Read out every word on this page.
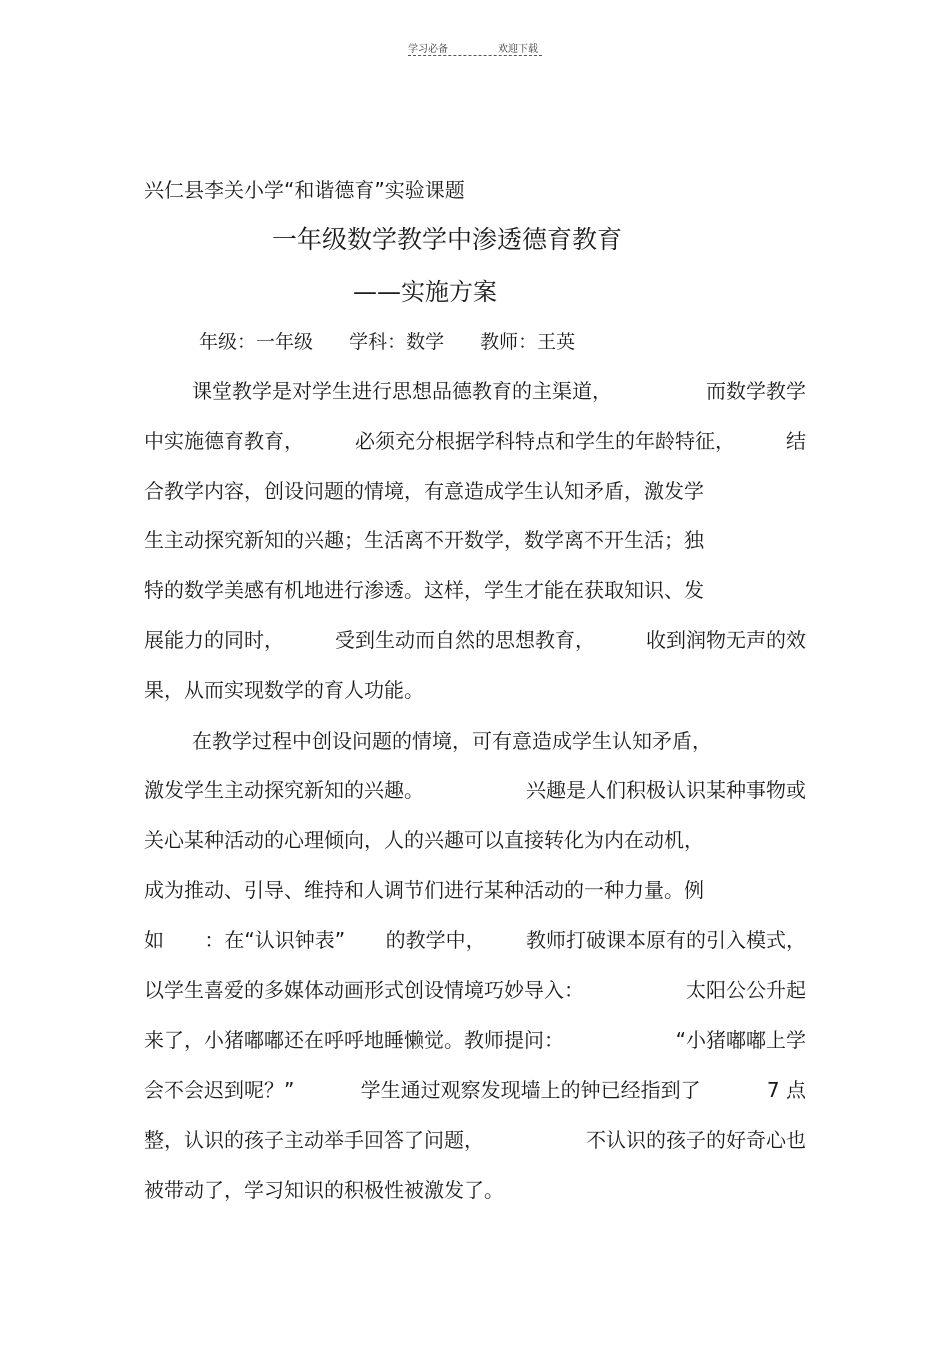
学习必备	欢迎下载
兴仁县李关小学“和谐德育”实验课题
一年级数学教学中渗透德育教育
——实施方案
年级：一年级 学科：数学 教师：王英
课堂教学是对学生进行思想品德教育的主渠道，	而数学教学
中实施德育教育，	必须充分根据学科特点和学生的年龄特征，	结
合教学内容，创设问题的情境，有意造成学生认知矛盾，激发学
生主动探究新知的兴趣；生活离不开数学，数学离不开生活；独
特的数学美感有机地进行渗透。这样，学生才能在获取知识、发
展能力的同时，	受到生动而自然的思想教育，	收到润物无声的效
果，从而实现数学的育人功能。
在教学过程中创设问题的情境，可有意造成学生认知矛盾，
激发学生主动探究新知的兴趣。	兴趣是人们积极认识某种事物或
关心某种活动的心理倾向，人的兴趣可以直接转化为内在动机，
成为推动、引导、维持和人调节们进行某种活动的一种力量。例
如 ：在“认识钟表” 的教学中， 教师打破课本原有的引入模式，
以学生喜爱的多媒体动画形式创设情境巧妙导入：	太阳公公升起
来了，小猪嘟嘟还在呼呼地睡懒觉。教师提问：	“小猪嘟嘟上学
会不会迟到呢？”	学生通过观察发现墙上的钟已经指到了	7 点
整，认识的孩子主动举手回答了问题，	不认识的孩子的好奇心也
被带动了，学习知识的积极性被激发了。
